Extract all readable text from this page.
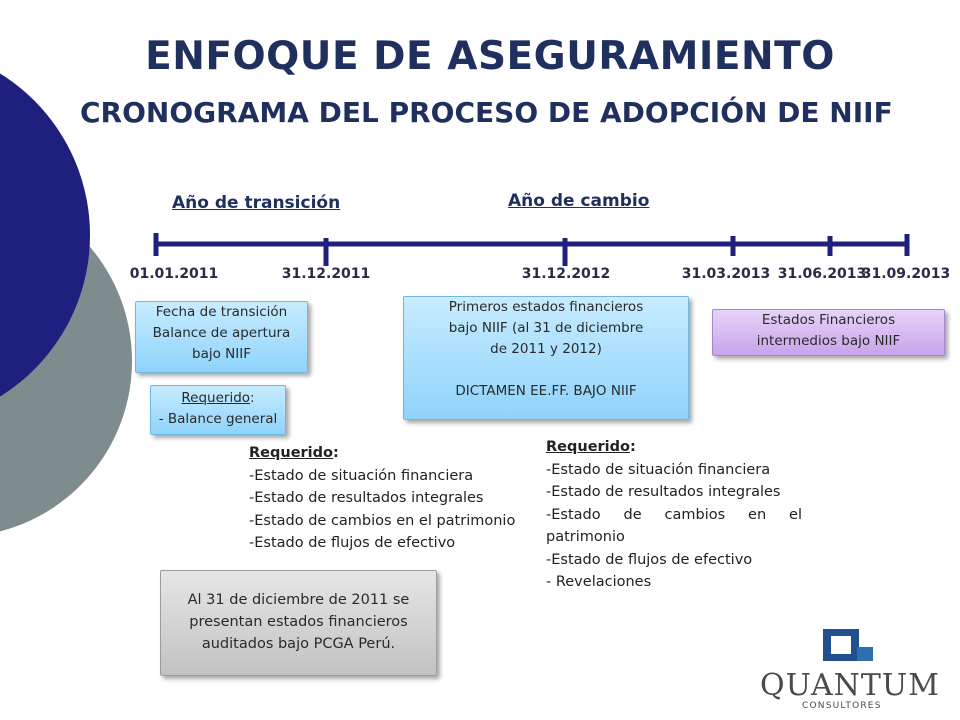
ENFOQUE DE ASEGURAMIENTO
CRONOGRAMA DEL PROCESO DE ADOPCIÓN DE NIIF
Año de transición	Año de cambio
01.01.2011	31.12.2011	31.12.2012	31.03.2013 31.06.2013
31.09.2013
Fecha de transición
Balance de apertura
bajo NIIF
Requerido:
- Balance general
Primeros estados financieros
bajo NIIF (al 31 de diciembre
de 2011 y 2012)
DICTAMEN EE.FF. BAJO NIIF
Estados Financieros
intermedios bajo NIIF
Requerido:
-Estado de situación financiera
-Estado de resultados integrales
-Estado de cambios en el patrimonio
-Estado de flujos de efectivo
Requerido:
-Estado de situación financiera
-Estado de resultados integrales
-Estado de cambios en el
patrimonio
-Estado de flujos de efectivo
- Revelaciones
Al 31 de diciembre de 2011 se
presentan estados financieros
auditados bajo PCGA Perú.
QUANTUM
CONSULTORES
